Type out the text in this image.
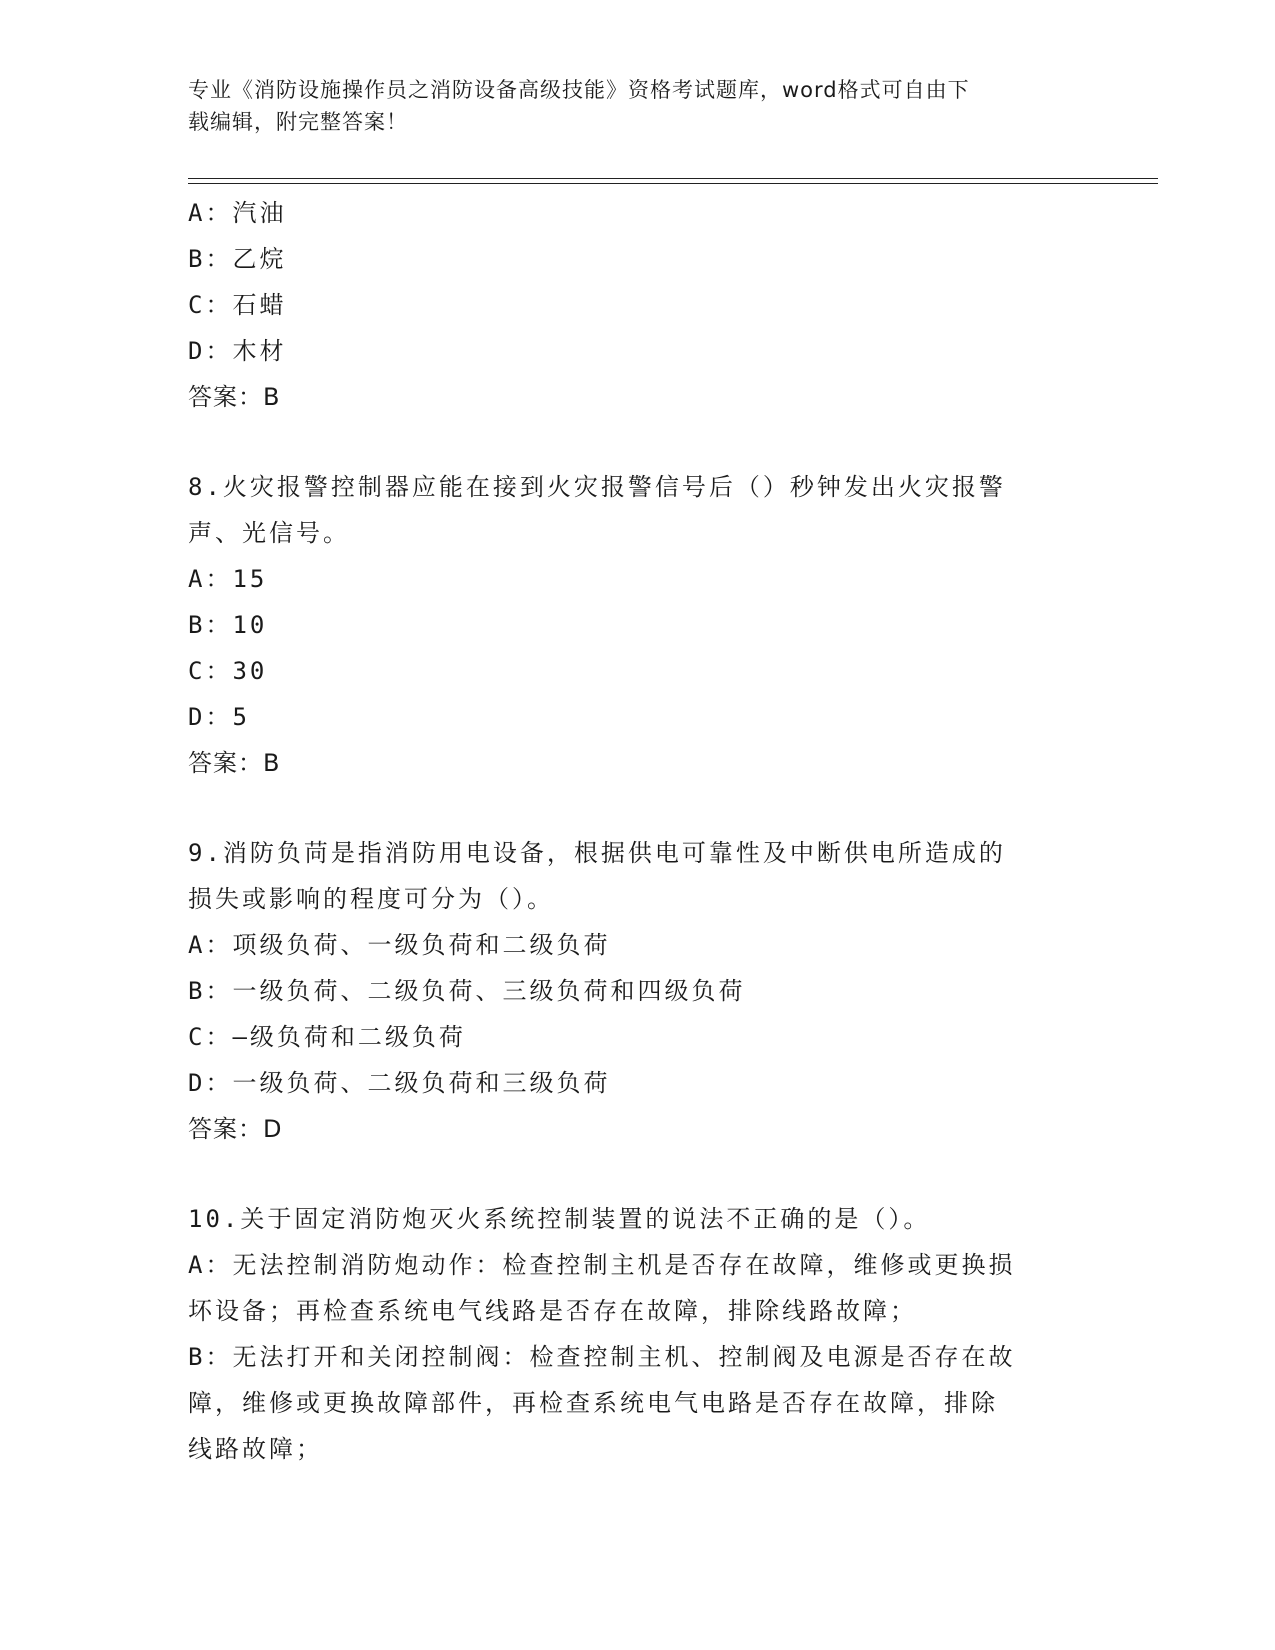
专业《消防设施操作员之消防设备高级技能》资格考试题库，word格式可自由下
载编辑，附完整答案！
A：汽油
B：乙烷
C：石蜡
D：木材
答案：B
8.火灾报警控制器应能在接到火灾报警信号后（）秒钟发出火灾报警
声、光信号。
A：15
B：10
C：30
D：5
答案：B
9.消防负苘是指消防用电设备，根据供电可靠性及中断供电所造成的
损失或影响的程度可分为（）。
A：项级负荷、一级负荷和二级负荷
B：一级负荷、二级负荷、三级负荷和四级负荷
C：—级负荷和二级负荷
D：一级负荷、二级负荷和三级负荷
答案：D
10.关于固定消防炮灭火系统控制装置的说法不正确的是（）。
A：无法控制消防炮动作：检查控制主机是否存在故障，维修或更换损
坏设备；再检查系统电气线路是否存在故障，排除线路故障；
B：无法打开和关闭控制阀：检查控制主机、控制阀及电源是否存在故
障，维修或更换故障部件，再检查系统电气电路是否存在故障，排除
线路故障；
